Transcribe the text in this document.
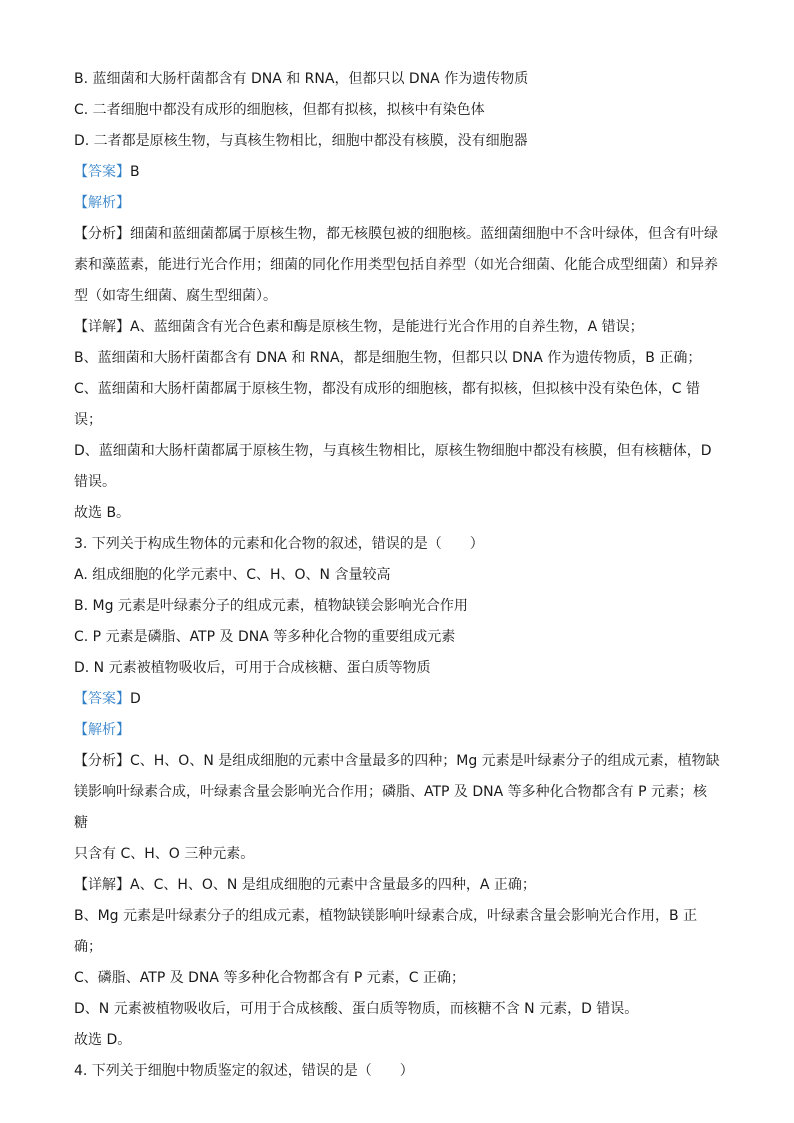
B. 蓝细菌和大肠杆菌都含有 DNA 和 RNA，但都只以 DNA 作为遗传物质
C. 二者细胞中都没有成形的细胞核，但都有拟核，拟核中有染色体
D. 二者都是原核生物，与真核生物相比，细胞中都没有核膜，没有细胞器
【答案】B
【解析】
【分析】细菌和蓝细菌都属于原核生物，都无核膜包被的细胞核。蓝细菌细胞中不含叶绿体，但含有叶绿
素和藻蓝素，能进行光合作用；细菌的同化作用类型包括自养型（如光合细菌、化能合成型细菌）和异养
型（如寄生细菌、腐生型细菌）。
【详解】A、蓝细菌含有光合色素和酶是原核生物，是能进行光合作用的自养生物，A 错误；
B、蓝细菌和大肠杆菌都含有 DNA 和 RNA，都是细胞生物，但都只以 DNA 作为遗传物质，B 正确；
C、蓝细菌和大肠杆菌都属于原核生物，都没有成形的细胞核，都有拟核，但拟核中没有染色体，C 错
误；
D、蓝细菌和大肠杆菌都属于原核生物，与真核生物相比，原核生物细胞中都没有核膜，但有核糖体，D
错误。
故选 B。
3. 下列关于构成生物体的元素和化合物的叙述，错误的是（　　）
A. 组成细胞的化学元素中、C、H、O、N 含量较高
B. Mg 元素是叶绿素分子的组成元素，植物缺镁会影响光合作用
C. P 元素是磷脂、ATP 及 DNA 等多种化合物的重要组成元素
D. N 元素被植物吸收后，可用于合成核糖、蛋白质等物质
【答案】D
【解析】
【分析】C、H、O、N 是组成细胞的元素中含量最多的四种；Mg 元素是叶绿素分子的组成元素，植物缺
镁影响叶绿素合成，叶绿素含量会影响光合作用；磷脂、ATP 及 DNA 等多种化合物都含有 P 元素；核糖
只含有 C、H、O 三种元素。
【详解】A、C、H、O、N 是组成细胞的元素中含量最多的四种，A 正确；
B、Mg 元素是叶绿素分子的组成元素，植物缺镁影响叶绿素合成，叶绿素含量会影响光合作用，B 正确；
C、磷脂、ATP 及 DNA 等多种化合物都含有 P 元素，C 正确；
D、N 元素被植物吸收后，可用于合成核酸、蛋白质等物质，而核糖不含 N 元素，D 错误。
故选 D。
4. 下列关于细胞中物质鉴定的叙述，错误的是（　　）
